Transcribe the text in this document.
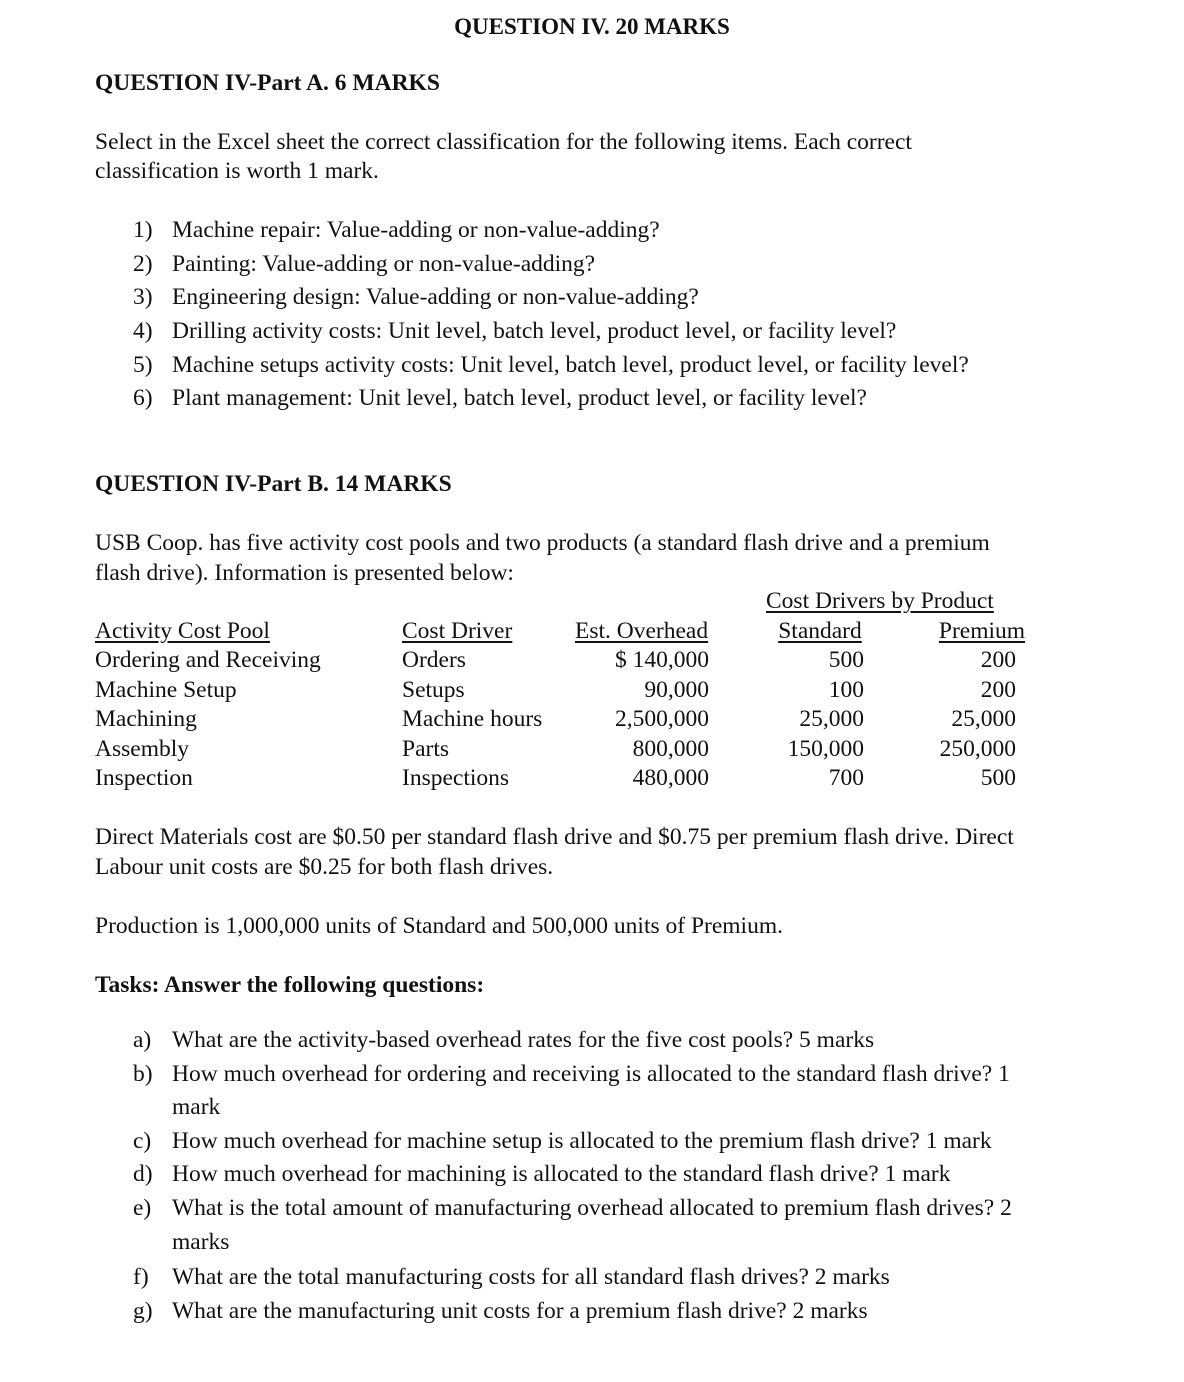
QUESTION IV. 20 MARKS
QUESTION IV-Part A. 6 MARKS
Select in the Excel sheet the correct classification for the following items. Each correct
classification is worth 1 mark.
1) Machine repair: Value-adding or non-value-adding?
2) Painting: Value-adding or non-value-adding?
3) Engineering design: Value-adding or non-value-adding?
4) Drilling activity costs: Unit level, batch level, product level, or facility level?
5) Machine setups activity costs: Unit level, batch level, product level, or facility level?
6) Plant management: Unit level, batch level, product level, or facility level?
QUESTION IV-Part B. 14 MARKS
USB Coop. has five activity cost pools and two products (a standard flash drive and a premium
flash drive). Information is presented below:
Cost Drivers by Product
Activity Cost Pool	Cost Driver	Est. Overhead	Standard	Premium
Ordering and Receiving	Orders	$ 140,000	500	200
Machine Setup	Setups	90,000	100	200
Machining	Machine hours	2,500,000	25,000	25,000
Assembly	Parts	800,000	150,000	250,000
Inspection	Inspections	480,000	700	500
Direct Materials cost are $0.50 per standard flash drive and $0.75 per premium flash drive. Direct
Labour unit costs are $0.25 for both flash drives.
Production is 1,000,000 units of Standard and 500,000 units of Premium.
Tasks: Answer the following questions:
a) What are the activity-based overhead rates for the five cost pools? 5 marks
b) How much overhead for ordering and receiving is allocated to the standard flash drive? 1
mark
c) How much overhead for machine setup is allocated to the premium flash drive? 1 mark
d) How much overhead for machining is allocated to the standard flash drive? 1 mark
e) What is the total amount of manufacturing overhead allocated to premium flash drives? 2
marks
f) What are the total manufacturing costs for all standard flash drives? 2 marks
g) What are the manufacturing unit costs for a premium flash drive? 2 marks
